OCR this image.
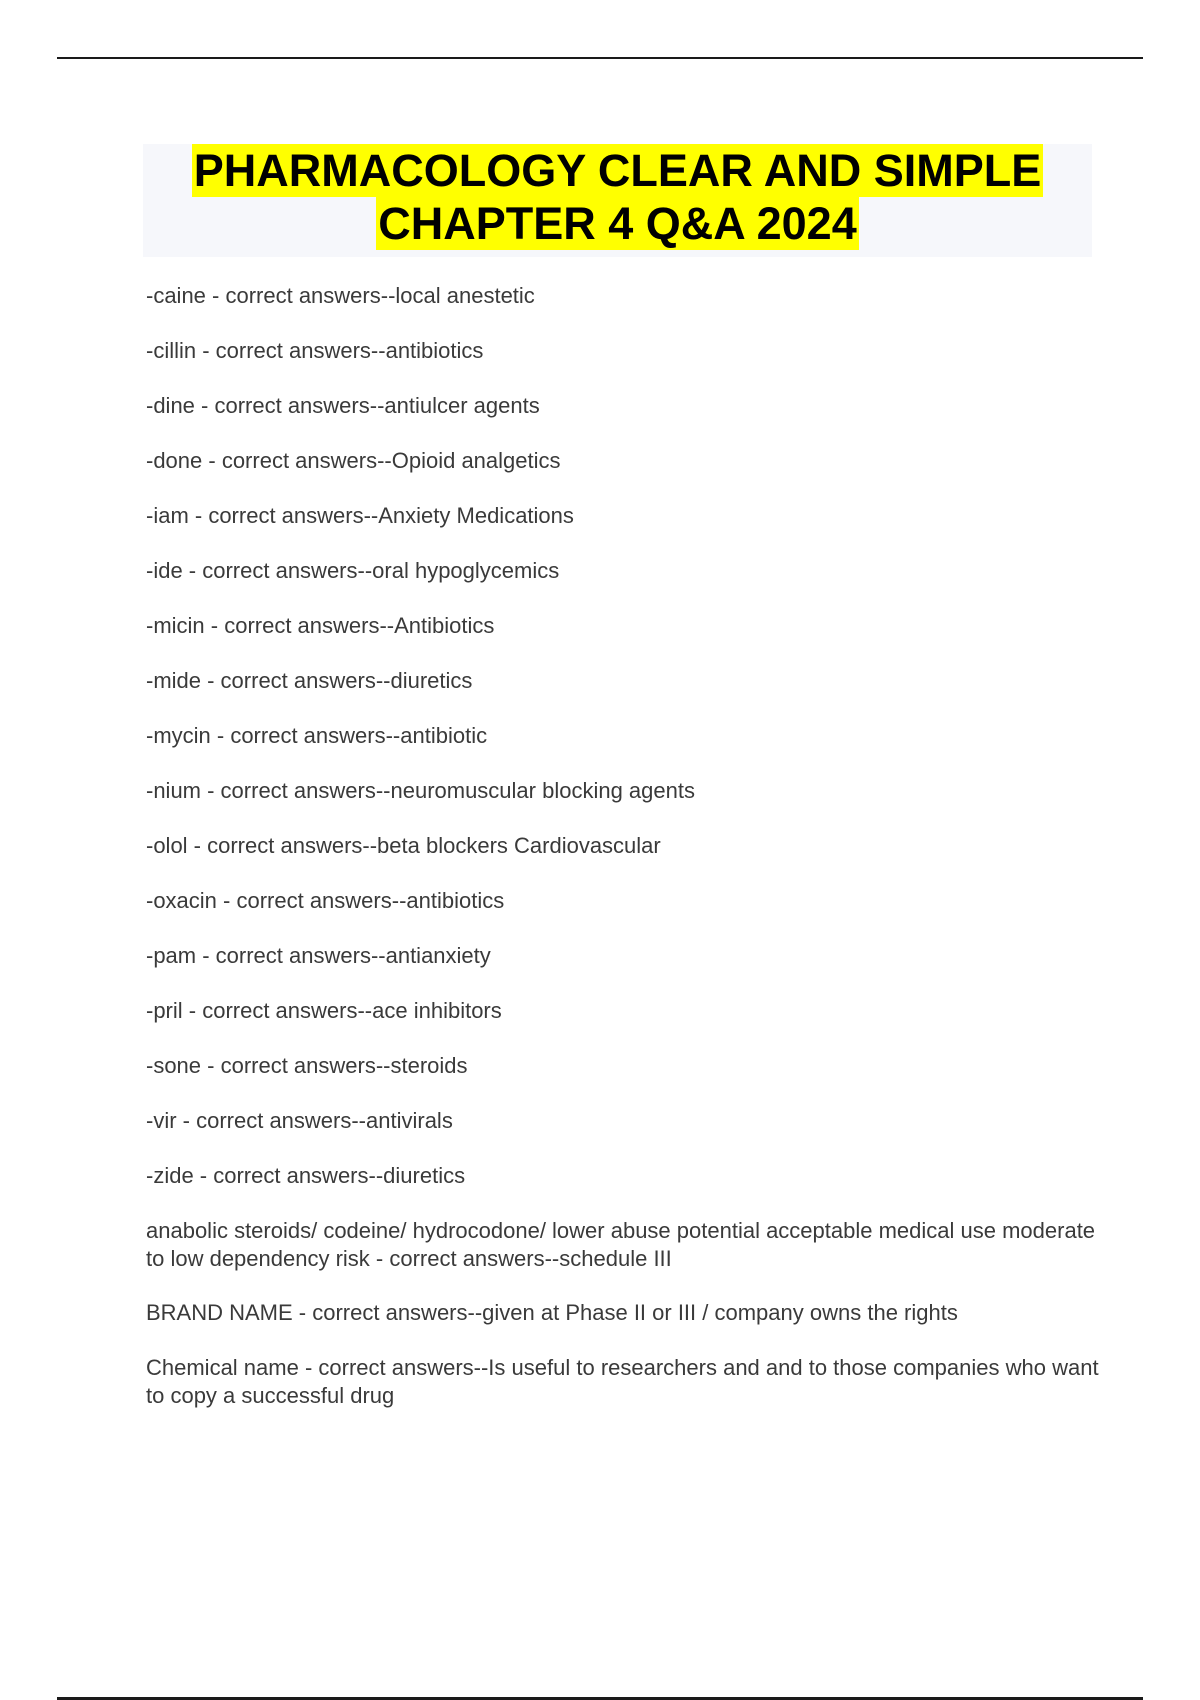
PHARMACOLOGY CLEAR AND SIMPLE
CHAPTER 4 Q&A 2024
-caine - correct answers--local anestetic
-cillin - correct answers--antibiotics
-dine - correct answers--antiulcer agents
-done - correct answers--Opioid analgetics
-iam - correct answers--Anxiety Medications
-ide - correct answers--oral hypoglycemics
-micin - correct answers--Antibiotics
-mide - correct answers--diuretics
-mycin - correct answers--antibiotic
-nium - correct answers--neuromuscular blocking agents
-olol - correct answers--beta blockers Cardiovascular
-oxacin - correct answers--antibiotics
-pam - correct answers--antianxiety
-pril - correct answers--ace inhibitors
-sone - correct answers--steroids
-vir - correct answers--antivirals
-zide - correct answers--diuretics
anabolic steroids/ codeine/ hydrocodone/ lower abuse potential acceptable medical use moderate to low dependency risk - correct answers--schedule III
BRAND NAME - correct answers--given at Phase II or III / company owns the rights
Chemical name - correct answers--Is useful to researchers and and to those companies who want to copy a successful drug
